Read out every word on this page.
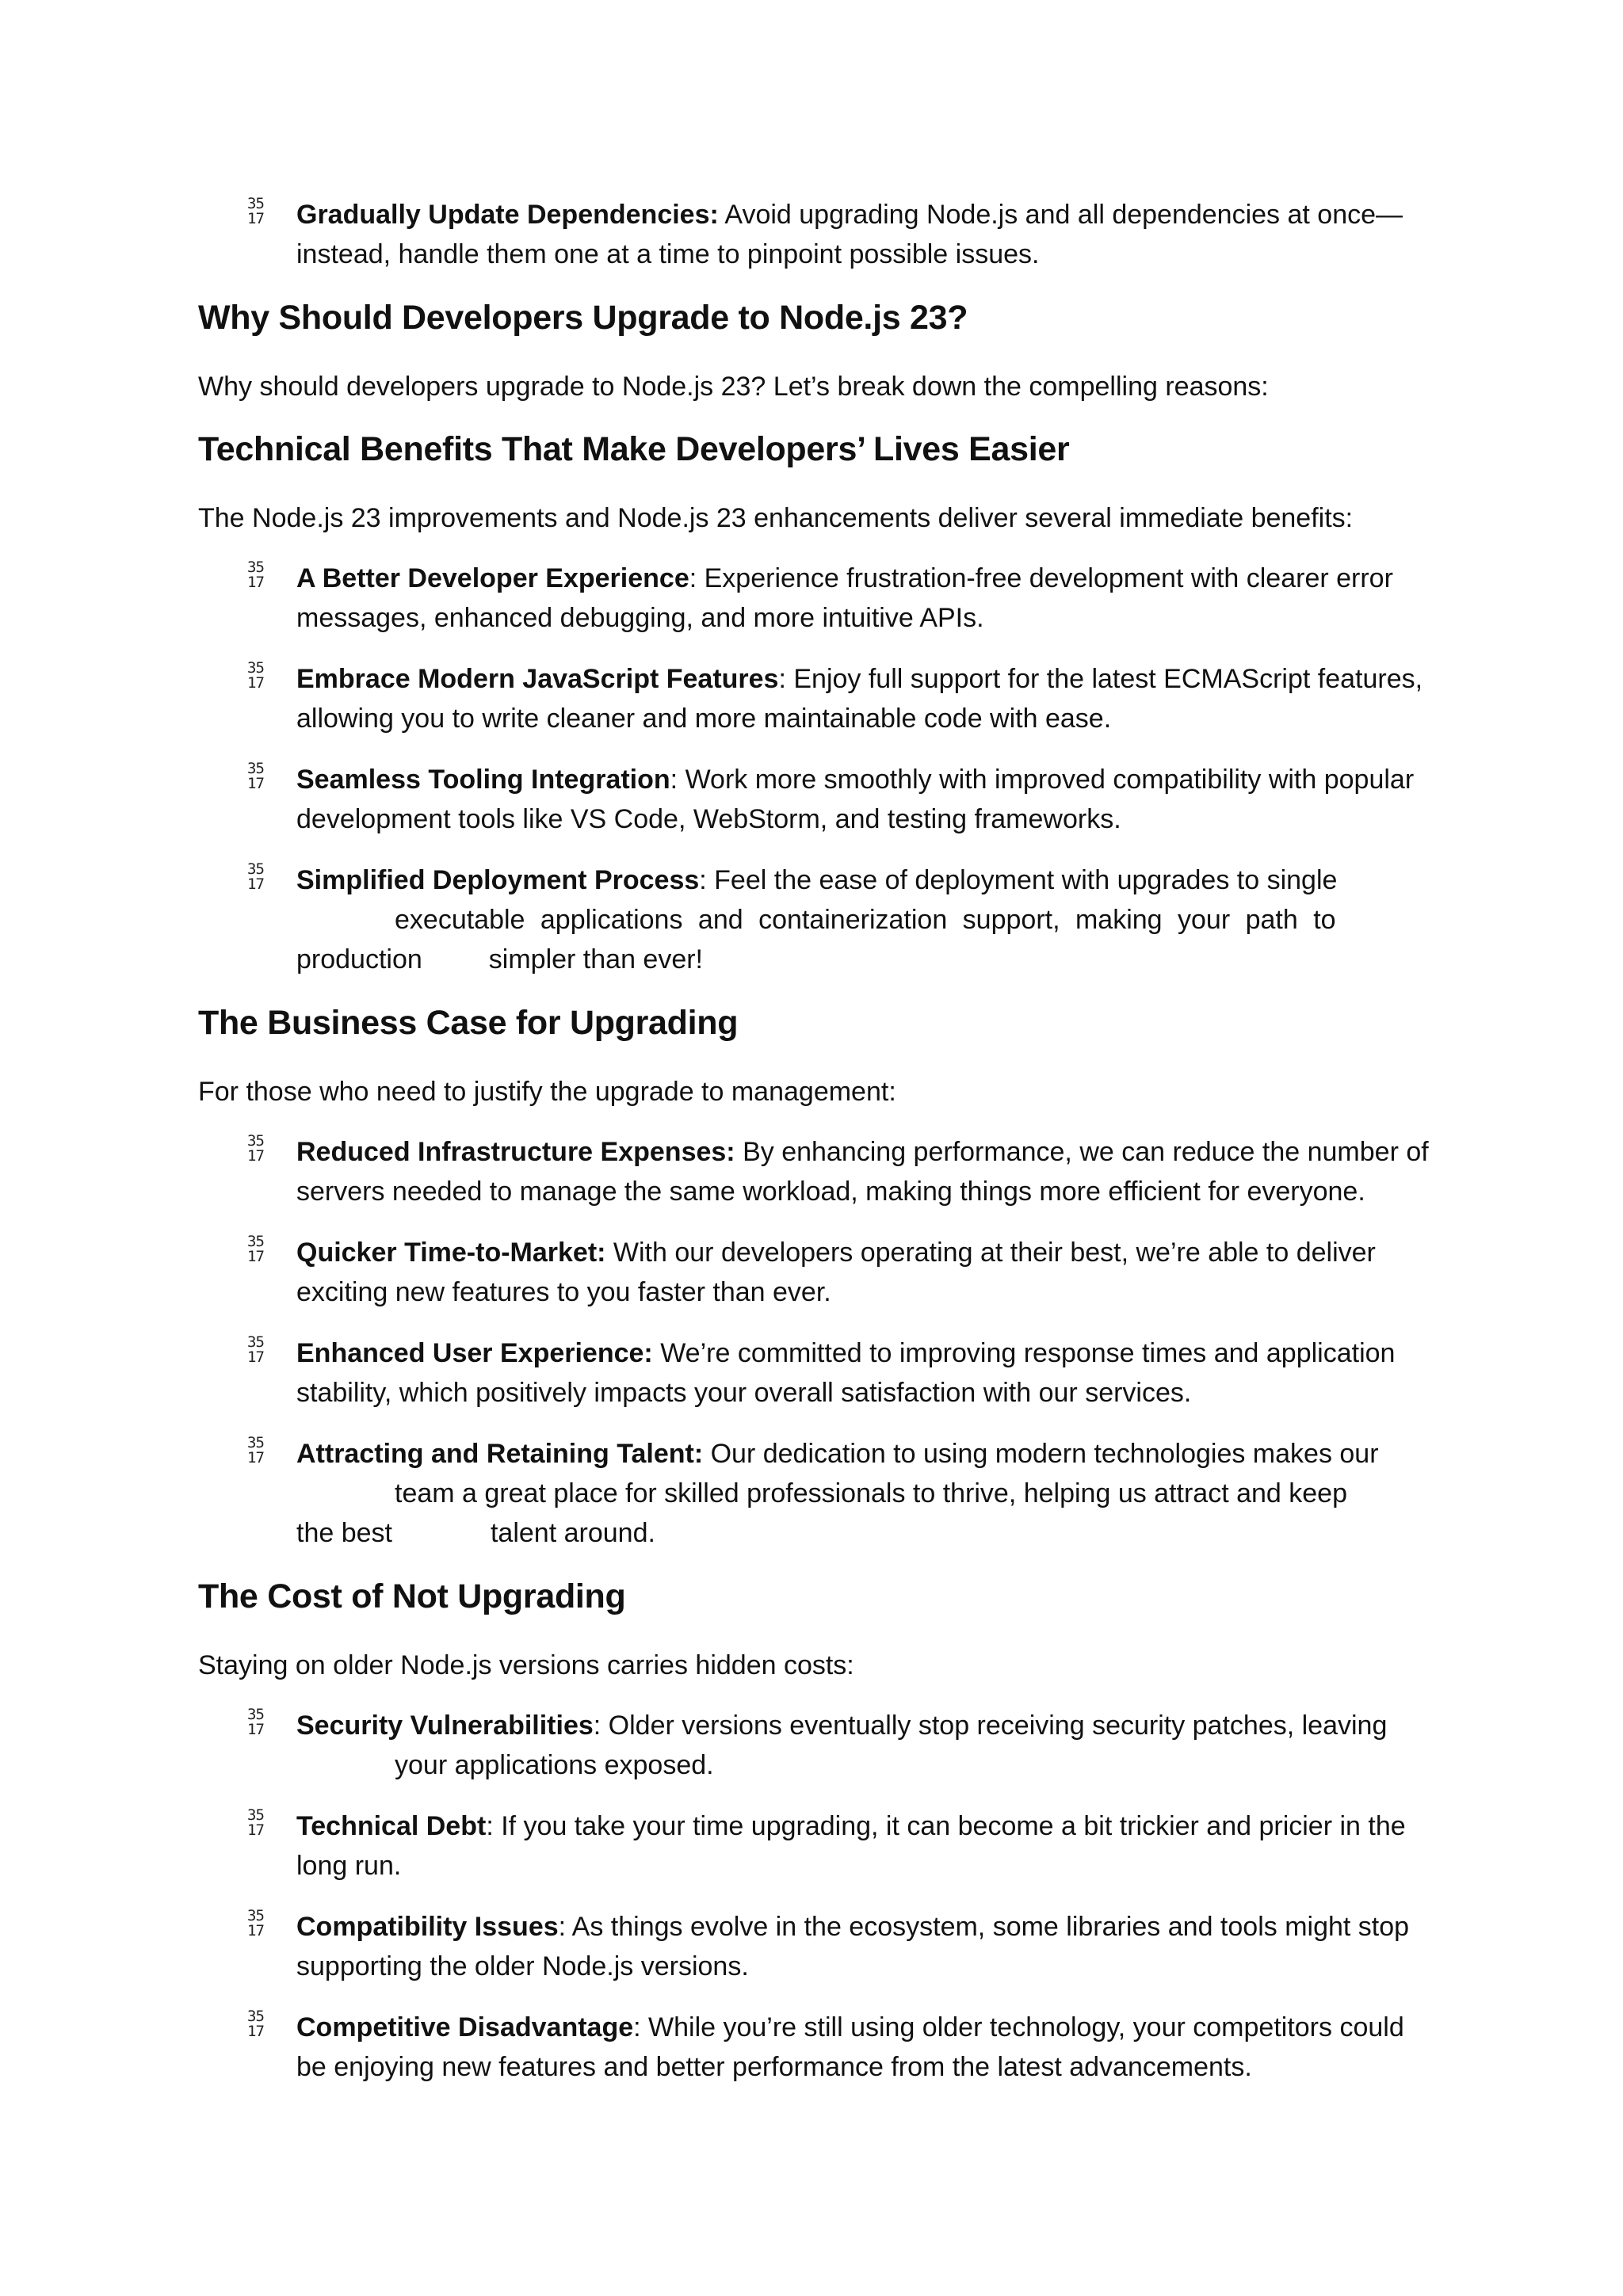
35
17 Gradually Update Dependencies: Avoid upgrading Node.js and all dependencies at once—
instead, handle them one at a time to pinpoint possible issues.
Why Should Developers Upgrade to Node.js 23?

Why should developers upgrade to Node.js 23? Let’s break down the compelling reasons:

Technical Benefits That Make Developers’ Lives Easier

The Node.js 23 improvements and Node.js 23 enhancements deliver several immediate benefits:

35
17 A Better Developer Experience: Experience frustration-free development with clearer error messages, enhanced debugging, and more intuitive APIs.
35
17 Embrace Modern JavaScript Features: Enjoy full support for the latest ECMAScript features, allowing you to write cleaner and more maintainable code with ease.
35
17 Seamless Tooling Integration: Work more smoothly with improved compatibility with popular development tools like VS Code, WebStorm, and testing frameworks.
35
17 Simplified Deployment Process: Feel the ease of deployment with upgrades to single
executable applications and containerization support, making your path to
production simpler than ever!
The Business Case for Upgrading

For those who need to justify the upgrade to management:

35
17 Reduced Infrastructure Expenses: By enhancing performance, we can reduce the number of servers needed to manage the same workload, making things more efficient for everyone.
35
17 Quicker Time-to-Market: With our developers operating at their best, we’re able to deliver exciting new features to you faster than ever.
35
17 Enhanced User Experience: We’re committed to improving response times and application stability, which positively impacts your overall satisfaction with our services.
35
17 Attracting and Retaining Talent: Our dedication to using modern technologies makes our
team a great place for skilled professionals to thrive, helping us attract and keep
the best	talent around.
The Cost of Not Upgrading

Staying on older Node.js versions carries hidden costs:

35
17 Security Vulnerabilities: Older versions eventually stop receiving security patches, leaving
your applications exposed.
35
17 Technical Debt: If you take your time upgrading, it can become a bit trickier and pricier in the long run.
35
17 Compatibility Issues: As things evolve in the ecosystem, some libraries and tools might stop supporting the older Node.js versions.
35
17 Competitive Disadvantage: While you’re still using older technology, your competitors could be enjoying new features and better performance from the latest advancements.
